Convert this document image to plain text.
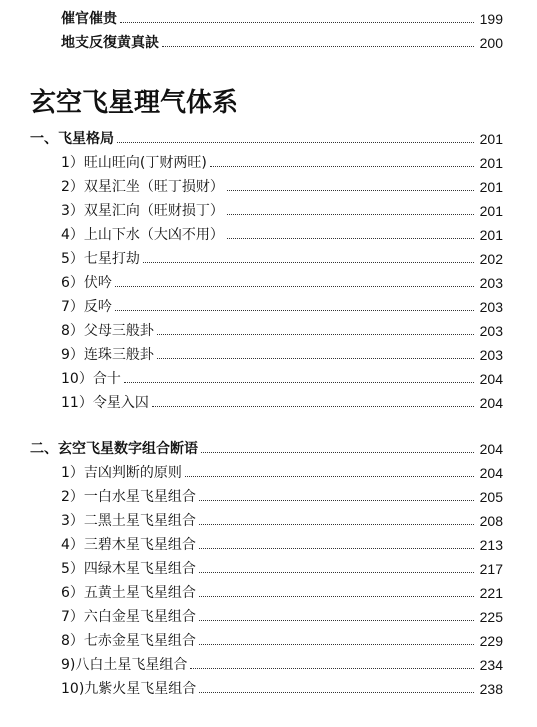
催官催贵	199
地支反復黄真訣	200
玄空飞星理气体系
一、飞星格局	201
1）旺山旺向(丁财两旺)	201
2）双星汇坐（旺丁损财）	201
3）双星汇向（旺财损丁）	201
4）上山下水（大凶不用）	201
5）七星打劫	202
6）伏吟	203
7）反吟	203
8）父母三般卦	203
9）连珠三般卦	203
10）合十	204
11）令星入囚	204
二、玄空飞星数字组合断语	204
1）吉凶判断的原则	204
2）一白水星飞星组合	205
3）二黑土星飞星组合	208
4）三碧木星飞星组合	213
5）四绿木星飞星组合	217
6）五黄土星飞星组合	221
7）六白金星飞星组合	225
8）七赤金星飞星组合	229
9)八白土星飞星组合	234
10)九紫火星飞星组合	238
